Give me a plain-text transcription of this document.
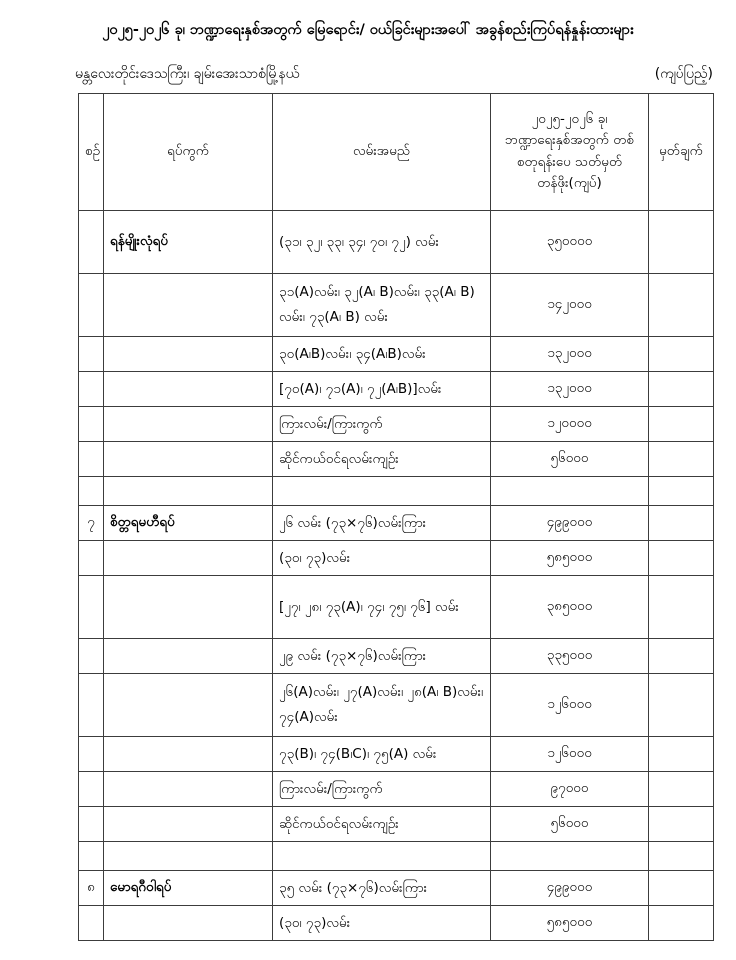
၂၀၂၅-၂၀၂၆ ခု၊ ဘဏ္ဍာရေးနှစ်အတွက် မြေရောင်း/ ဝယ်ခြင်းများအပေါ် အခွန်စည်းကြပ်ရန်နှုန်းထားများ
မန္တလေးတိုင်းဒေသကြီး၊ ချမ်းအေးသာစံမြို့နယ်	(ကျပ်ပြည့်)
စဉ်	ရပ်ကွက်	လမ်းအမည်	၂၀၂၅-၂၀၂၆ ခု၊ ဘဏ္ဍာရေးနှစ်အတွက် တစ်စတုရန်းပေ သတ်မှတ်တန်ဖိုး(ကျပ်)	မှတ်ချက်
	ရန်မျိုးလုံရပ်	(၃၁၊ ၃၂၊ ၃၃၊ ၃၄၊ ၇၀၊ ၇၂) လမ်း	၃၅၀၀၀၀	
		၃၁(A)လမ်း၊ ၃၂(A၊ B)လမ်း၊ ၃၃(A၊ B) လမ်း၊ ၇၃(A၊ B) လမ်း	၁၄၂၀၀၀	
		၃၀(A၊B)လမ်း၊ ၃၄(A၊B)လမ်း	၁၃၂၀၀၀	
		[၇၀(A)၊ ၇၁(A)၊ ၇၂(A၊B)]လမ်း	၁၃၂၀၀၀	
		ကြားလမ်း/ကြားကွက်	၁၂၀၀၀၀	
		ဆိုင်ကယ်ဝင်ရလမ်းကျဉ်း	၅၆၀၀၀	

၇	စိတ္တရမဟီရပ်	၂၆ လမ်း (၇၃×၇၆)လမ်းကြား	၄၉၉၀၀၀	
		(၃၀၊ ၇၃)လမ်း	၅၈၅၀၀၀	
		[၂၇၊ ၂၈၊ ၇၃(A)၊ ၇၄၊ ၇၅၊ ၇၆] လမ်း	၃၈၅၀၀၀	
		၂၉ လမ်း (၇၃×၇၆)လမ်းကြား	၃၃၅၀၀၀	
		၂၆(A)လမ်း၊ ၂၇(A)လမ်း၊ ၂၈(A၊ B)လမ်း၊ ၇၄(A)လမ်း	၁၂၆၀၀၀	
		၇၃(B)၊ ၇၄(B၊C)၊ ၇၅(A) လမ်း	၁၂၆၀၀၀	
		ကြားလမ်း/ကြားကွက်	၉၇၀၀၀	
		ဆိုင်ကယ်ဝင်ရလမ်းကျဉ်း	၅၆၀၀၀	

၈	မောရဂီဝါရပ်	၃၅ လမ်း (၇၃×၇၆)လမ်းကြား	၄၉၉၀၀၀	
		(၃၀၊ ၇၃)လမ်း	၅၈၅၀၀၀	
